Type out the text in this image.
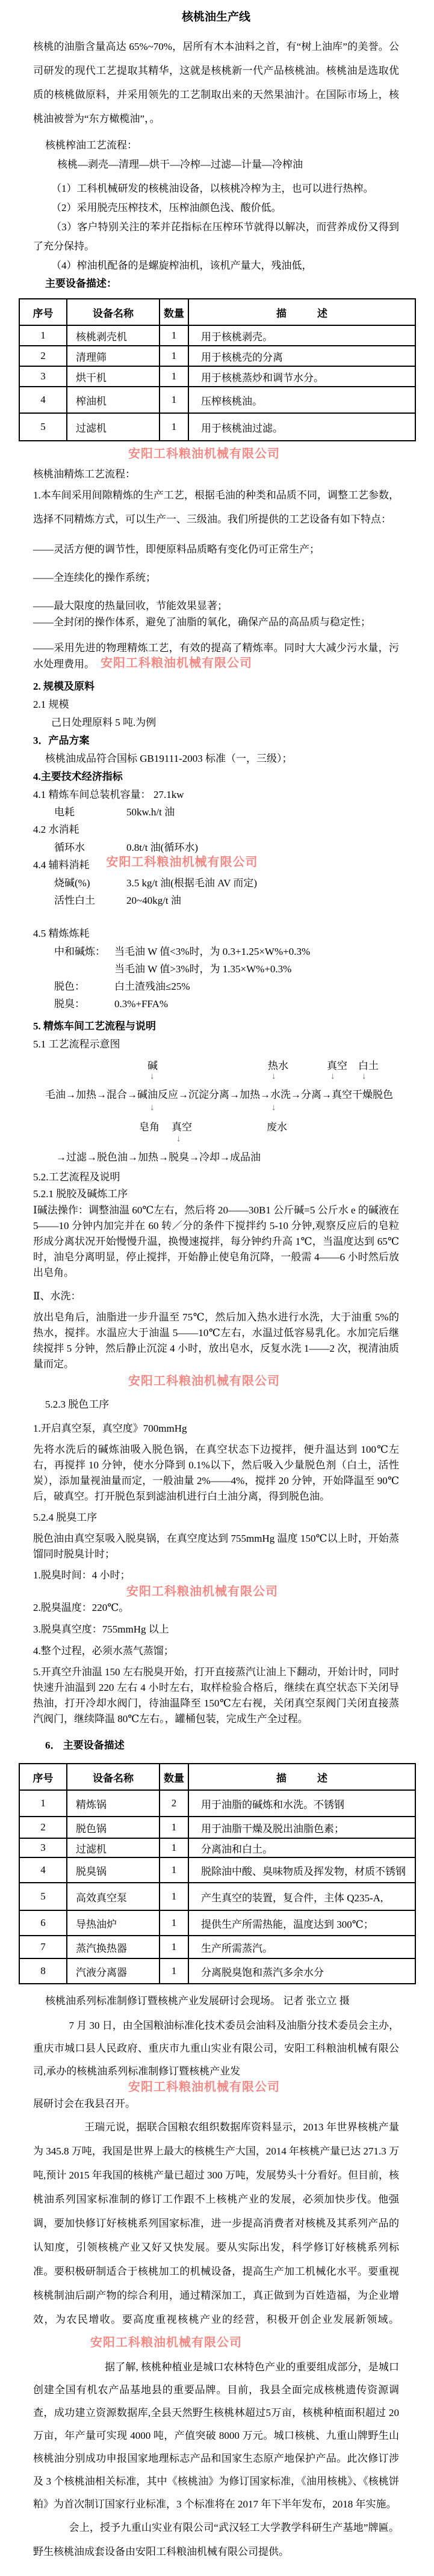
核桃油生产线

核桃的油脂含量高达 65%~70%，居所有木本油料之首，有“树上油库”的美誉。公司研发的现代工艺提取其精华，这就是核桃新一代产品核桃油。核桃油是选取优质的核桃做原料，并采用领先的工艺制取出来的天然果油汁。在国际市场上，核桃油被誉为“东方橄榄油”，。

核桃榨油工艺流程：

核桃—剥壳—清理—烘干—冷榨—过滤—计量—冷榨油

（1）工科机械研发的核桃油设备，以核桃冷榨为主，也可以进行热榨。

（2）采用脱壳压榨技术，压榨油颜色浅、酸价低。

（3）客户特别关注的苯并芘指标在压榨环节就得以解决，而营养成份又得到了充分保持。

（4）榨油机配备的是螺旋榨油机，该机产量大，残油低，

主要设备描述：

序号	设备名称	数量	描　　　述
1	核桃剥壳机	1	用于核桃剥壳。
2	清理筛	1	用于核桃壳的分离
3	烘干机	1	用于核桃蒸炒和调节水分。
4	榨油机	1	压榨核桃油。
5	过滤机	1	用于核桃油过滤。
安阳工科粮油机械有限公司

核桃油精炼工艺流程：

1.本车间采用间隙精炼的生产工艺，根据毛油的种类和品质不同，调整工艺参数，选择不同精炼方式，可以生产一、三级油。我们所提供的工艺设备有如下特点：

——灵活方便的调节性，即便原料品质略有变化仍可正常生产；

——全连续化的操作系统；

——最大限度的热量回收，节能效果显著；

——全封闭的操作体系，避免了油脂的氧化，确保产品的高品质与稳定性；

——采用先进的物理精炼工艺，有效的提高了精炼率。同时大大减少污水量，污水处理费用。 安阳工科粮油机械有限公司

2. 规模及原料

2.1 规模

己日处理原料 5 吨.为例

3．产品方案

核桃油成品符合国标 GB19111-2003 标准（一，三级）；

4.主要技术经济指标

4.1 精炼车间总装机容量： 27.1kw
电耗	50kw.h/t 油

4.2 水消耗

循环水	0.8t/t 油(循环水)

4.4 辅料消耗 安阳工科粮油机械有限公司

烧碱(%)	3.5 kg/t 油(根据毛油 AV 而定)
活性白土	20~40kg/t 油

4.5 精炼炼耗

中和碱炼： 当毛油 W 值<3%时，为 0.3+1.25×W%+0.3%
当毛油 W 值>3%时，为 1.35×W%+0.3%
脱色：	白土渣残油≤25%
脱臭：	0.3%+FFA%

5. 精炼车间工艺流程与说明

5.1 工艺流程示意图

碱	热水	真空 白土
↓	↓	↓	↓
毛油→加热→混合→碱油反应→沉淀分离→加热→水洗→分离→真空干燥脱色
↓	↓
皂角 真空	废水
↓
→过滤→脱色油→加热→脱臭→冷却→成品油

5.2.工艺流程及说明

5.2.1 脱胶及碱炼工序

Ⅰ碱法操作：调整油温 60℃左右，然后将 20——30B1 公斤碱=5 公斤水 e 的碱液在 5——10 分钟内加完并在 60 转／分的条件下搅拌约 5-10 分钟,观察反应后的皂粒形成分离状况开始慢慢升温，换慢速搅拌，每分钟约升高 1℃，当温度达到 65℃时，油皂分离明显，停止搅拌，开始静止使皂角沉降，一般需 4——6 小时然后放出皂角。

Ⅱ、水洗：

放出皂角后，油脂进一步升温至 75℃，然后加入热水进行水洗，大于油重 5%的热水，搅拌。水温应大于油温 5——10℃左右，水温过低容易乳化。水加完后继续搅拌 5 分钟，然后静止沉淀 4 小时，放出皂水，反复水洗 1——2 次，视清油质量而定。

安阳工科粮油机械有限公司

5.2.3 脱色工序

1.开启真空泵，真空度》700mmHg

先将水洗后的碱炼油吸入脱色锅，在真空状态下边搅拌，便升温达到 100℃左右，再搅拌 10 分钟，使水分降到 0.1%以下，然后吸入少量脱色剂（白土，活性炭），添加量视油量而定，一般油量 2%——4%，搅拌 20 分钟，开始降温至 90℃后，破真空。打开脱色泵到滤油机进行白土油分离，得到脱色油。

5.2.4 脱臭工序

脱色油由真空泵吸入脱臭锅，在真空度达到 755mmHg 温度 150℃以上时，开始蒸馏同时脱臭计时；

1.脱臭时间：4 小时；

安阳工科粮油机械有限公司

2.脱臭温度：220℃。

3.脱臭真空度：755mmHg 以上

4.整个过程，必须水蒸气蒸馏；

5.开真空升油温 150 左右脱臭开始，打开直接蒸汽让油上下翻动，开始计时，同时快速升油温到 220 左右 4 小时左右，取样检验合格后，继续在真空状态下关闭导热油，打开冷却水阀门，待油温降至 150℃左右视，关闭真空泵阀门关闭直接蒸汽阀门，继续降温 80℃左右。，罐桶包装，完成生产全过程。

6． 主要设备描述

序号	设备名称	数量	描　　　述
1	精炼锅	2	用于油脂的碱炼和水洗。不锈钢
2	脱色锅	1	用于油脂干燥及脱出油脂色素；
3	过滤机	1	分离油和白土。
4	脱臭锅	1	脱除油中酸、臭味物质及挥发物，材质不锈钢
5	高效真空泵	1	产生真空的装置，复合件，主体 Q235-A,
6	导热油炉	1	提供生产所需热能，温度达到 300℃；
7	蒸汽换热器	1	生产所需蒸汽。
8	汽液分离器	1	分离脱臭饱和蒸汽多余水分

核桃油系列标准制修订暨核桃产业发展研讨会现场。 记者 张立立 摄

7 月 30 日，由全国粮油标准化技术委员会油料及油脂分技术委员会主办，重庆市城口县人民政府、重庆市九重山实业有限公司，安阳工科粮油机械有限公司,承办的核桃油系列标准制修订暨核桃产业发

安阳工科粮油机械有限公司

展研讨会在我县召开。

王瑞元说，据联合国粮农组织数据库资料显示，2013 年世界核桃产量为 345.8 万吨，我国是世界上最大的核桃生产大国，2014 年核桃产量已达 271.3 万吨,预计 2015 年我国的核桃产量已超过 300 万吨，发展势头十分看好。但目前，核桃油系列国家标准制的修订工作跟不上核桃产业的发展，必须加快步伐。他强调，要加快修订好核桃系列国家标准，进一步提高消费者对核桃及其系列产品的认知度，引领核桃产业又好又快发展。要从实际出发，科学修订好核桃系列标准。要积极研制适合于核桃加工的机械设备，提高生产加工机械化水平。要重视核桃制油后副产物的综合利用，通过精深加工，真正做到为百姓造福，为企业增效，为农民增收。要高度重视核桃产业的经营，积极开创企业发展新领域。安阳工科粮油机械有限公司

据了解, 核桃种植业是城口农林特色产业的重要组成部分，是城口创建全国有机农产品基地县的重要品牌。目前，我县全面完成核桃遗传资源调查，成功建立资源数据库,全县天然野生核桃林超过5万亩，核桃种植面积超过 20 万亩，年产量可实现 4000 吨，产值突破 8000 万元。城口核桃、九重山牌野生山核桃油分别成功申报国家地理标志产品和国家生态原产地保护产品。此次修订涉及 3 个核桃油相关标准，其中《核桃油》为修订国家标准，《油用核桃》、《核桃饼粕》为首次制订国家行业标准，3 个标准将在 2017 年下半年发布，2018 年实施。

会上，授予九重山实业有限公司“武汉轻工大学教学科研生产基地”牌匾。野生核桃油成套设备由安阳工科粮油机械有限公司提供。
